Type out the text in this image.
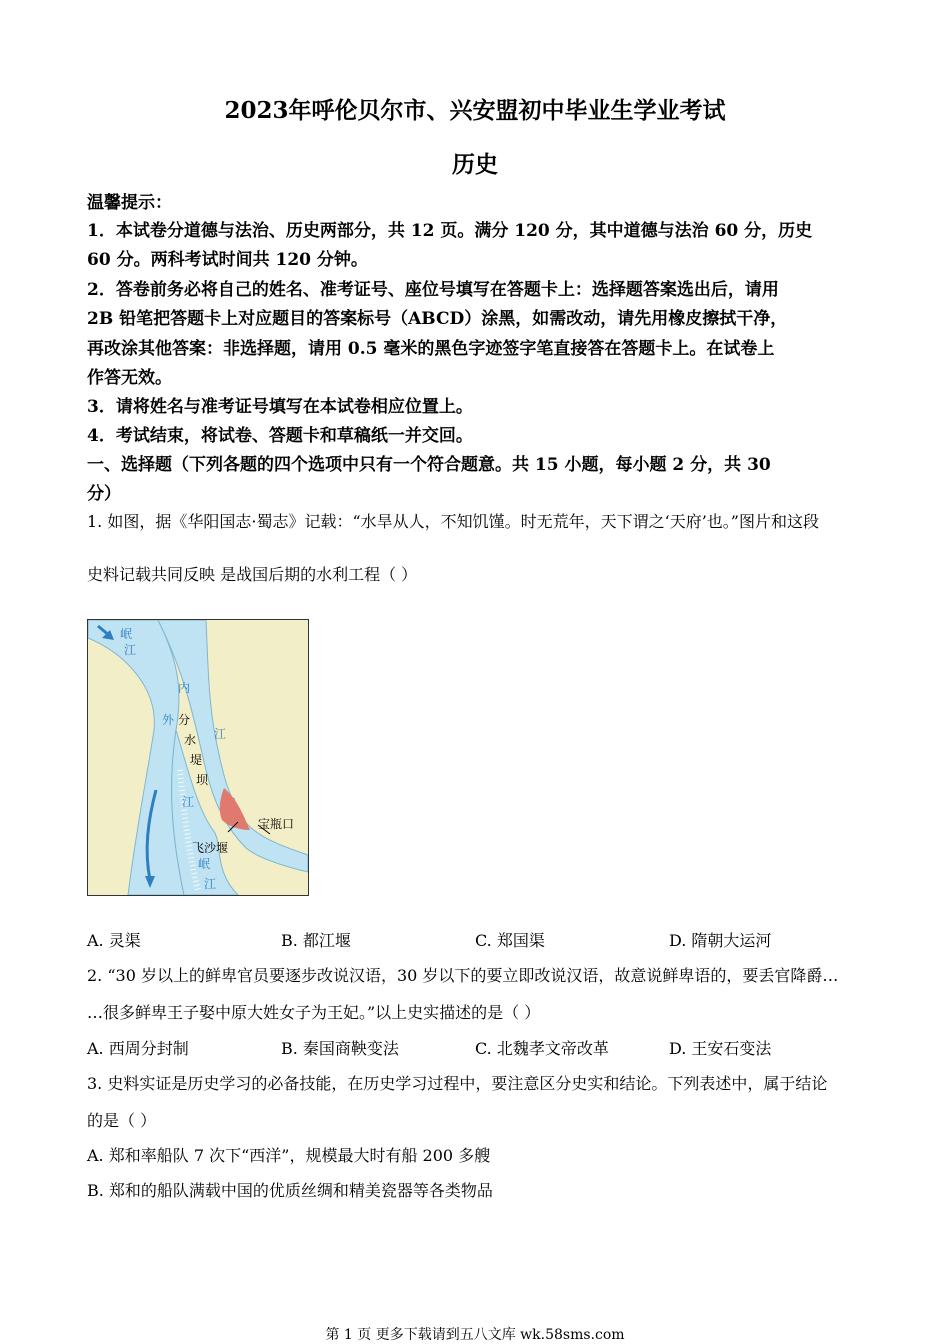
2023年呼伦贝尔市、兴安盟初中毕业生学业考试
历史
温馨提示：
1．本试卷分道德与法治、历史两部分，共 12 页。满分 120 分，其中道德与法治 60 分，历史
60 分。两科考试时间共 120 分钟。
2．答卷前务必将自己的姓名、准考证号、座位号填写在答题卡上：选择题答案选出后，请用
2B 铅笔把答题卡上对应题目的答案标号（ABCD）涂黑，如需改动，请先用橡皮擦拭干净，
再改涂其他答案：非选择题，请用 0.5 毫米的黑色字迹签字笔直接答在答题卡上。在试卷上
作答无效。
3．请将姓名与准考证号填写在本试卷相应位置上。
4．考试结束，将试卷、答题卡和草稿纸一并交回。
一、选择题（下列各题的四个选项中只有一个符合题意。共 15 小题，每小题 2 分，共 30
分）
1. 如图，据《华阳国志·蜀志》记载：“水旱从人，不知饥馑。时无荒年，天下谓之‘天府’也。”图片和这段
史料记载共同反映 是战国后期的水利工程（ ）
岷
江
内
江
外
江
分
水
堤
坝
宝瓶口
飞沙堰
岷
江
A. 灵渠	B. 都江堰	C. 郑国渠	D. 隋朝大运河
2. “30 岁以上的鲜卑官员要逐步改说汉语，30 岁以下的要立即改说汉语，故意说鲜卑语的，要丢官降爵…
…很多鲜卑王子娶中原大姓女子为王妃。”以上史实描述的是（ ）
A. 西周分封制	B. 秦国商鞅变法	C. 北魏孝文帝改革	D. 王安石变法
3. 史料实证是历史学习的必备技能，在历史学习过程中，要注意区分史实和结论。下列表述中，属于结论
的是（ ）
A. 郑和率船队 7 次下“西洋”，规模最大时有船 200 多艘
B. 郑和的船队满载中国的优质丝绸和精美瓷器等各类物品
第 1 页 更多下载请到五八文库 wk.58sms.com
